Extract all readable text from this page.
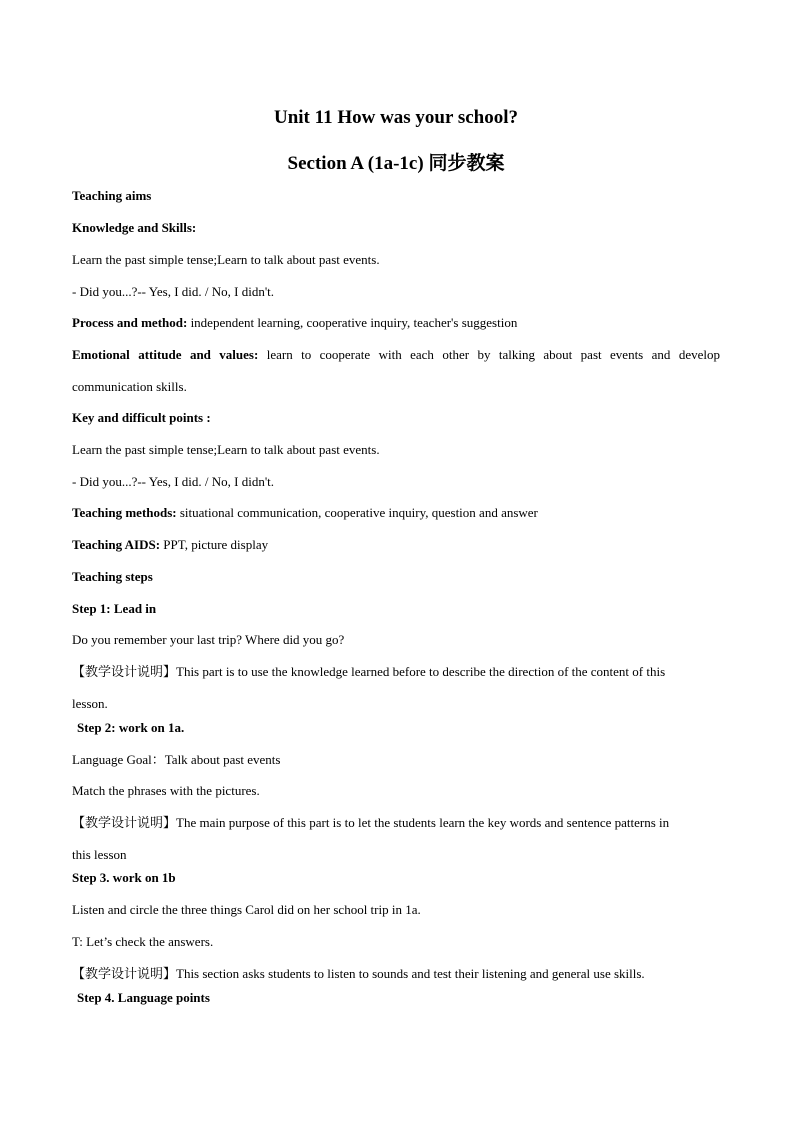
Unit 11 How was your school?
Section A (1a-1c) 同步教案
Teaching aims
Knowledge and Skills:
Learn the past simple tense;Learn to talk about past events.
- Did you...?-- Yes, I did. / No, I didn't.
Process and method: independent learning, cooperative inquiry, teacher's suggestion
Emotional attitude and values: learn to cooperate with each other by talking about past events and develop
communication skills.
Key and difficult points :
Learn the past simple tense;Learn to talk about past events.
- Did you...?-- Yes, I did. / No, I didn't.
Teaching methods: situational communication, cooperative inquiry, question and answer
Teaching AIDS: PPT, picture display
Teaching steps
Step 1: Lead in
Do you remember your last trip? Where did you go?
【教学设计说明】This part is to use the knowledge learned before to describe the direction of the content of this
lesson.
Step 2: work on 1a.
Language Goal：Talk about past events
Match the phrases with the pictures.
【教学设计说明】The main purpose of this part is to let the students learn the key words and sentence patterns in
this lesson
Step 3. work on 1b
Listen and circle the three things Carol did on her school trip in 1a.
T: Let’s check the answers.
【教学设计说明】This section asks students to listen to sounds and test their listening and general use skills.
Step 4. Language points
